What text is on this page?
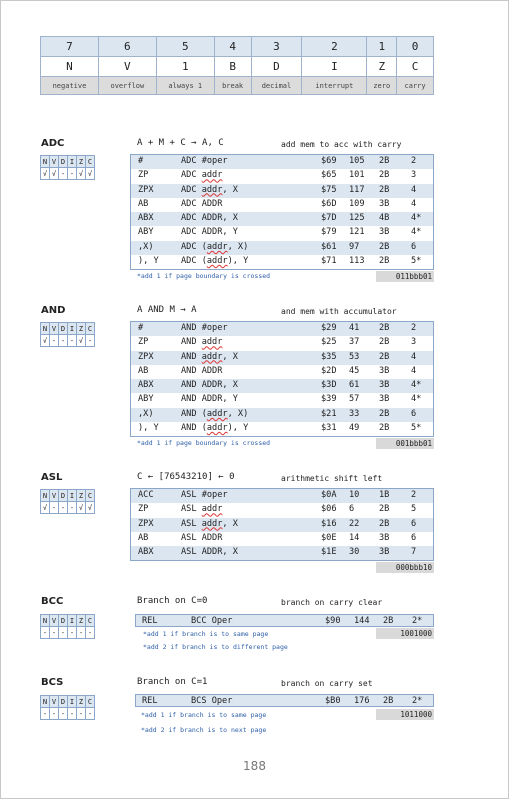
7	6	5	4	3	2	1	0
N	V	1	B	D	I	Z	C
negative	overflow	always 1	break	decimal	interrupt	zero	carry
ADC	A + M + C → A, C	add mem to acc with carry
N	V	D	I	Z	C
√	√	-	-	√	√
#	ADC #oper	$69 105 2B	2
ZP	ADC addr	$65 101 2B	3
ZPX	ADC addr, X	$75 117 2B	4
AB	ADC ADDR	$6D 109 3B	4
ABX	ADC ADDR, X	$7D 125 4B	4*
ABY	ADC ADDR, Y	$79 121 3B	4*
,X)	ADC (addr, X)	$61 97 2B	6
), Y	ADC (addr), Y	$71 113 2B	5*
*add 1 if page boundary is crossed	011bbb01
AND	A AND M → A	and mem with accumulator
N	V	D	I	Z	C
√	-	-	-	√	-
#	AND #oper	$29 41 2B	2
ZP	AND addr	$25 37 2B	3
ZPX	AND addr, X	$35 53 2B	4
AB	AND ADDR	$2D 45 3B	4
ABX	AND ADDR, X	$3D 61 3B	4*
ABY	AND ADDR, Y	$39 57 3B	4*
,X)	AND (addr, X)	$21 33 2B	6
), Y	AND (addr), Y	$31 49 2B	5*
*add 1 if page boundary is crossed	001bbb01
ASL	C ← [76543210] ← 0	arithmetic shift left
N	V	D	I	Z	C
√	-	-	-	√	√
ACC	ASL #oper	$0A 10 1B	2
ZP	ASL addr	$06 6	2B	5
ZPX	ASL addr, X	$16 22 2B	6
AB	ASL ADDR	$0E 14 3B	6
ABX	ASL ADDR, X	$1E 30 3B	7
000bbb10
BCC	Branch on C=0	branch on carry clear
N	V	D	I	Z	C
-	-	-	-	-	-

REL	BCC Oper	$90 144 2B 2*

*add 1 if branch is to same page	1001000
*add 2 if branch is to different page
BCS	Branch on C=1	branch on carry set
N	V	D	I	Z	C
-	-	-	-	-	-

REL	BCS Oper	$B0 176 2B 2*

*add 1 if branch is to same page	1011000
*add 2 if branch is to next page
188
